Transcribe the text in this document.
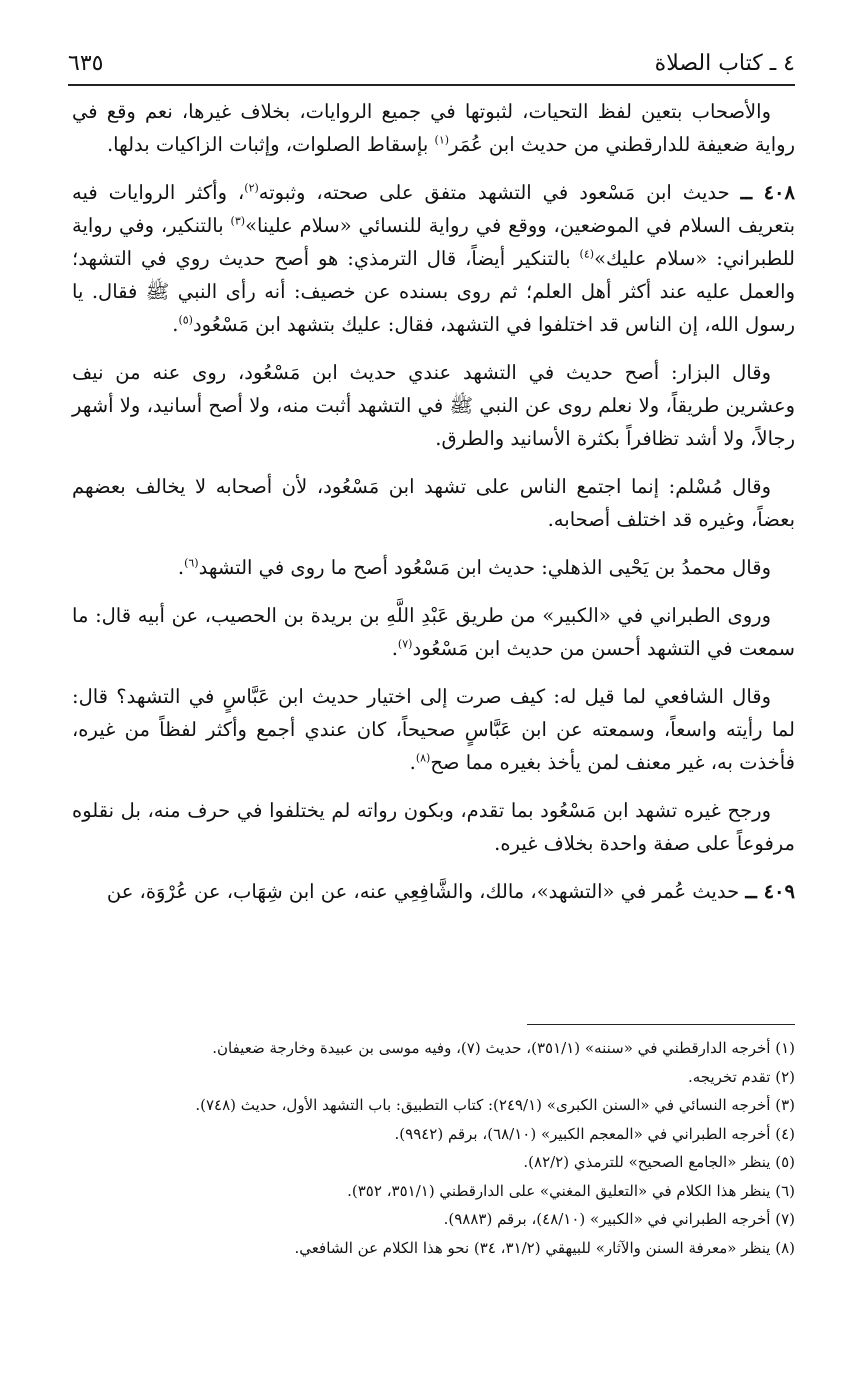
٤ ـ كتاب الصلاة
٦٣٥

والأصحاب بتعين لفظ التحيات، لثبوتها في جميع الروايات، بخلاف غيرها، نعم وقع في رواية ضعيفة للدارقطني من حديث ابن عُمَر$^{(١)}$ بإسقاط الصلوات، وإثبات الزاكيات بدلها.

٤٠٨ ــ حديث ابن مَسْعود في التشهد متفق على صحته، وثبوته$^{(٢)}$، وأكثر الروايات فيه بتعريف السلام في الموضعين، ووقع في رواية للنسائي «سلام علينا»$^{(٣)}$ بالتنكير، وفي رواية للطبراني: «سلام عليك»$^{(٤)}$ بالتنكير أيضاً، قال الترمذي: هو أصح حديث روي في التشهد؛ والعمل عليه عند أكثر أهل العلم؛ ثم روى بسنده عن خصيف: أنه رأى النبي ﷺ فقال. يا رسول الله، إن الناس قد اختلفوا في التشهد، فقال: عليك بتشهد ابن مَسْعُود$^{(٥)}$.

وقال البزار: أصح حديث في التشهد عندي حديث ابن مَسْعُود، روى عنه من نيف وعشرين طريقاً، ولا نعلم روى عن النبي ﷺ في التشهد أثبت منه، ولا أصح أسانيد، ولا أشهر رجالاً، ولا أشد تظافراً بكثرة الأسانيد والطرق.

وقال مُسْلم: إنما اجتمع الناس على تشهد ابن مَسْعُود، لأن أصحابه لا يخالف بعضهم بعضاً، وغيره قد اختلف أصحابه.

وقال محمدُ بن يَحْيى الذهلي: حديث ابن مَسْعُود أصح ما روى في التشهد$^{(٦)}$.

وروى الطبراني في «الكبير» من طريق عَبْدِ اللَّهِ بن بريدة بن الحصيب، عن أبيه قال: ما سمعت في التشهد أحسن من حديث ابن مَسْعُود$^{(٧)}$.

وقال الشافعي لما قيل له: كيف صرت إلى اختيار حديث ابن عَبَّاسٍ في التشهد؟ قال: لما رأيته واسعاً، وسمعته عن ابن عَبَّاسٍ صحيحاً، كان عندي أجمع وأكثر لفظاً من غيره، فأخذت به، غير معنف لمن يأخذ بغيره مما صح$^{(٨)}$.

ورجح غيره تشهد ابن مَسْعُود بما تقدم، وبكون رواته لم يختلفوا في حرف منه، بل نقلوه مرفوعاً على صفة واحدة بخلاف غيره.

٤٠٩ ــ حديث عُمر في «التشهد»، مالك، والشَّافِعِي عنه، عن ابن شِهَاب، عن عُرْوَة، عن

(١) أخرجه الدارقطني في «سننه» (٣٥١/١)، حديث (٧)، وفيه موسى بن عبيدة وخارجة ضعيفان.

(٢) تقدم تخريجه.

(٣) أخرجه النسائي في «السنن الكبرى» (٢٤٩/١): كتاب التطبيق: باب التشهد الأول، حديث (٧٤٨).

(٤) أخرجه الطبراني في «المعجم الكبير» (٦٨/١٠)، برقم (٩٩٤٢).

(٥) ينظر «الجامع الصحيح» للترمذي (٨٢/٢).

(٦) ينظر هذا الكلام في «التعليق المغني» على الدارقطني (٣٥١/١، ٣٥٢).

(٧) أخرجه الطبراني في «الكبير» (٤٨/١٠)، برقم (٩٨٨٣).

(٨) ينظر «معرفة السنن والآثار» للبيهقي (٣١/٢، ٣٤) نحو هذا الكلام عن الشافعي.
